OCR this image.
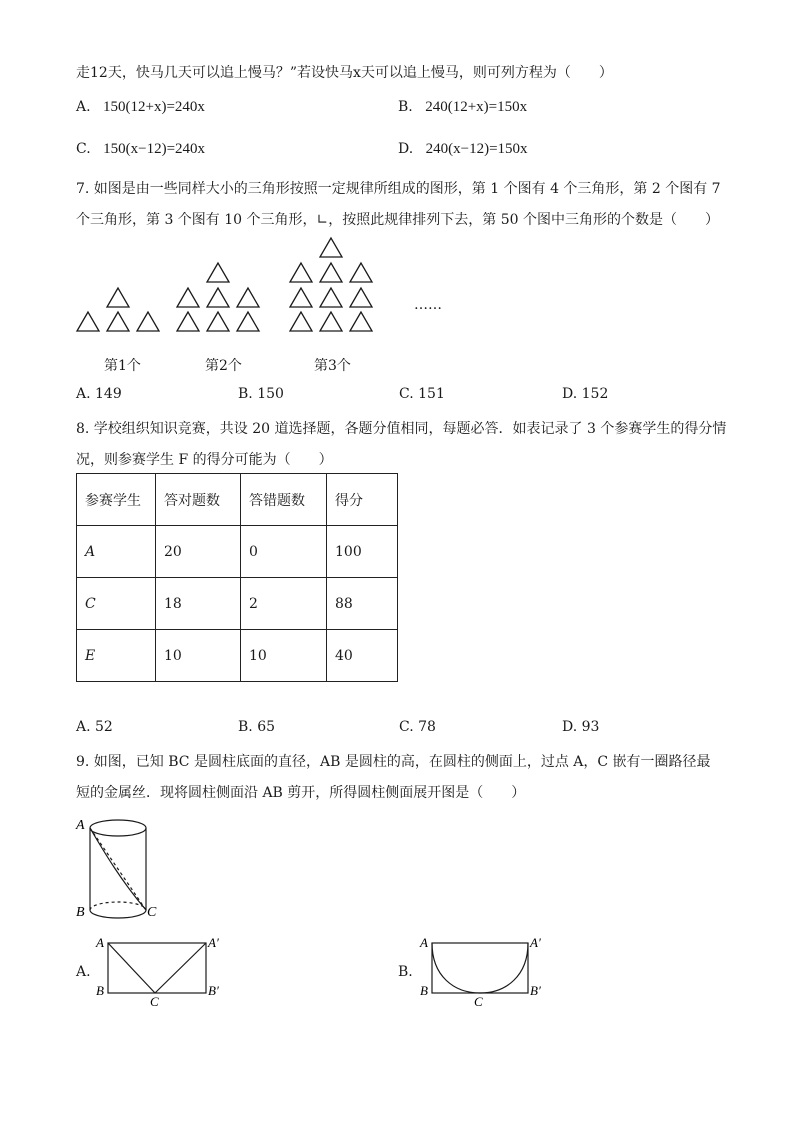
走12天，快马几天可以追上慢马？”若设快马x天可以追上慢马，则可列方程为（　　）
A. 150(12+x)=240x	B. 240(12+x)=150x
C. 150(x−12)=240x	D. 240(x−12)=150x
7. 如图是由一些同样大小的三角形按照一定规律所组成的图形，第 1 个图有 4 个三角形，第 2 个图有 7
个三角形，第 3 个图有 10 个三角形，∟，按照此规律排列下去，第 50 个图中三角形的个数是（　　）
……
第1个	第2个	第3个
A. 149	B. 150	C. 151	D. 152
8. 学校组织知识竞赛，共设 20 道选择题，各题分值相同，每题必答．如表记录了 3 个参赛学生的得分情
况，则参赛学生 F 的得分可能为（　　）
参赛学生	答对题数	答错题数	得分
A	20	0	100
C	18	2	88
E	10	10	40
A. 52	B. 65	C. 78	D. 93
9. 如图，已知 BC 是圆柱底面的直径，AB 是圆柱的高，在圆柱的侧面上，过点 A，C 嵌有一圈路径最
短的金属丝．现将圆柱侧面沿 AB 剪开，所得圆柱侧面展开图是（　　）
A
B	C
A.
A	A′
B
C
B′
B.
A	A′
B
C
B′
